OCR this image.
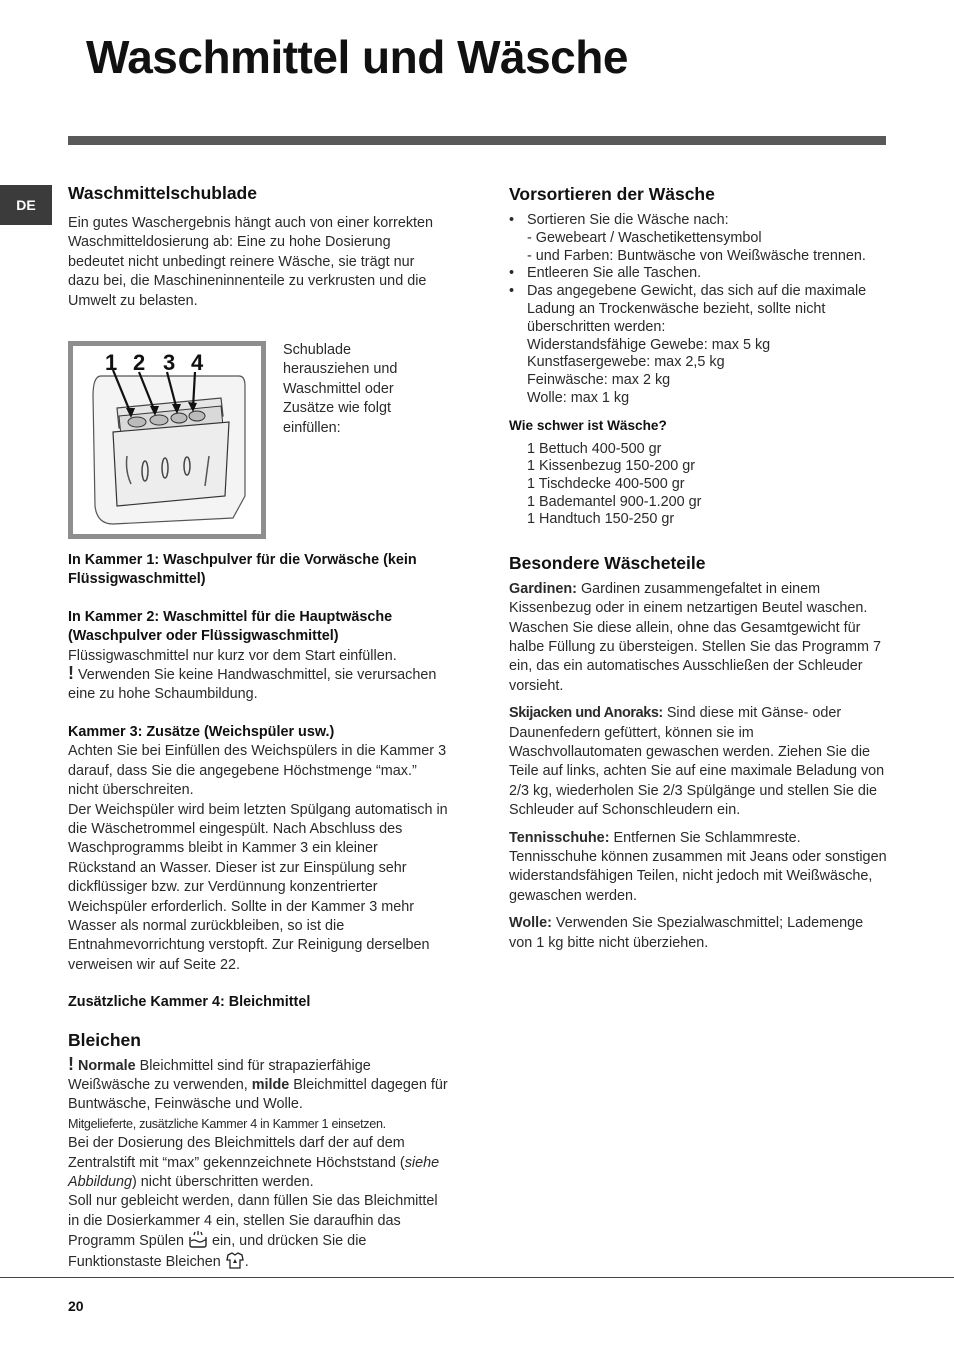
Waschmittel und Wäsche
DE
Waschmittelschublade

Ein gutes Waschergebnis hängt auch von einer korrekten Waschmitteldosierung ab: Eine zu hohe Dosierung bedeutet nicht unbedingt reinere Wäsche, sie trägt nur dazu bei, die Maschineninnenteile zu verkrusten und die Umwelt zu belasten.

1 2 3 4	Schublade herausziehen und Waschmittel oder Zusätze wie folgt einfüllen:

In Kammer 1: Waschpulver für die Vorwäsche (kein Flüssigwaschmittel)
In Kammer 2: Waschmittel für die Hauptwäsche (Waschpulver oder Flüssigwaschmittel)

Flüssigwaschmittel nur kurz vor dem Start einfüllen.

! Verwenden Sie keine Handwaschmittel, sie verursachen eine zu hohe Schaumbildung.

Kammer 3: Zusätze (Weichspüler usw.)

Achten Sie bei Einfüllen des Weichspülers in die Kammer 3 darauf, dass Sie die angegebene Höchstmenge “max.” nicht überschreiten.

Der Weichspüler wird beim letzten Spülgang automatisch in die Wäschetrommel eingespült. Nach Abschluss des Waschprogramms bleibt in Kammer 3 ein kleiner Rückstand an Wasser. Dieser ist zur Einspülung sehr dickflüssiger bzw. zur Verdünnung konzentrierter Weichspüler erforderlich. Sollte in der Kammer 3 mehr Wasser als normal zurückbleiben, so ist die Entnahmevorrichtung verstopft. Zur Reinigung derselben verweisen wir auf Seite 22.

Zusätzliche Kammer 4: Bleichmittel
Bleichen

! Normale Bleichmittel sind für strapazierfähige Weißwäsche zu verwenden, milde Bleichmittel dagegen für Buntwäsche, Feinwäsche und Wolle.

Mitgelieferte, zusätzliche Kammer 4 in Kammer 1 einsetzen.

Bei der Dosierung des Bleichmittels darf der auf dem Zentralstift mit “max” gekennzeichnete Höchststand (siehe Abbildung) nicht überschritten werden.

Soll nur gebleicht werden, dann füllen Sie das Bleichmittel in die Dosierkammer 4 ein, stellen Sie daraufhin das Programm Spülen ein, und drücken Sie die Funktionstaste Bleichen .

Vorsortieren der Wäsche
• Sortieren Sie die Wäsche nach:
- Gewebeart / Waschetikettensymbol
- und Farben: Buntwäsche von Weißwäsche trennen.
• Entleeren Sie alle Taschen.
• Das angegebene Gewicht, das sich auf die maximale Ladung an Trockenwäsche bezieht, sollte nicht überschritten werden:
Widerstandsfähige Gewebe: max 5 kg
Kunstfasergewebe: max 2,5 kg
Feinwäsche: max 2 kg
Wolle: max 1 kg
Wie schwer ist Wäsche?
1 Bettuch 400-500 gr
1 Kissenbezug 150-200 gr
1 Tischdecke 400-500 gr
1 Bademantel 900-1.200 gr
1 Handtuch 150-250 gr
Besondere Wäscheteile

Gardinen: Gardinen zusammengefaltet in einem Kissenbezug oder in einem netzartigen Beutel waschen. Waschen Sie diese allein, ohne das Gesamtgewicht für halbe Füllung zu übersteigen. Stellen Sie das Programm 7 ein, das ein automatisches Ausschließen der Schleuder vorsieht.

Skijacken und Anoraks: Sind diese mit Gänse- oder Daunenfedern gefüttert, können sie im Waschvollautomaten gewaschen werden. Ziehen Sie die Teile auf links, achten Sie auf eine maximale Beladung von 2/3 kg, wiederholen Sie 2/3 Spülgänge und stellen Sie die Schleuder auf Schonschleudern ein.

Tennisschuhe: Entfernen Sie Schlammreste. Tennisschuhe können zusammen mit Jeans oder sonstigen widerstandsfähigen Teilen, nicht jedoch mit Weißwäsche, gewaschen werden.

Wolle: Verwenden Sie Spezialwaschmittel; Lademenge von 1 kg bitte nicht überziehen.

20
